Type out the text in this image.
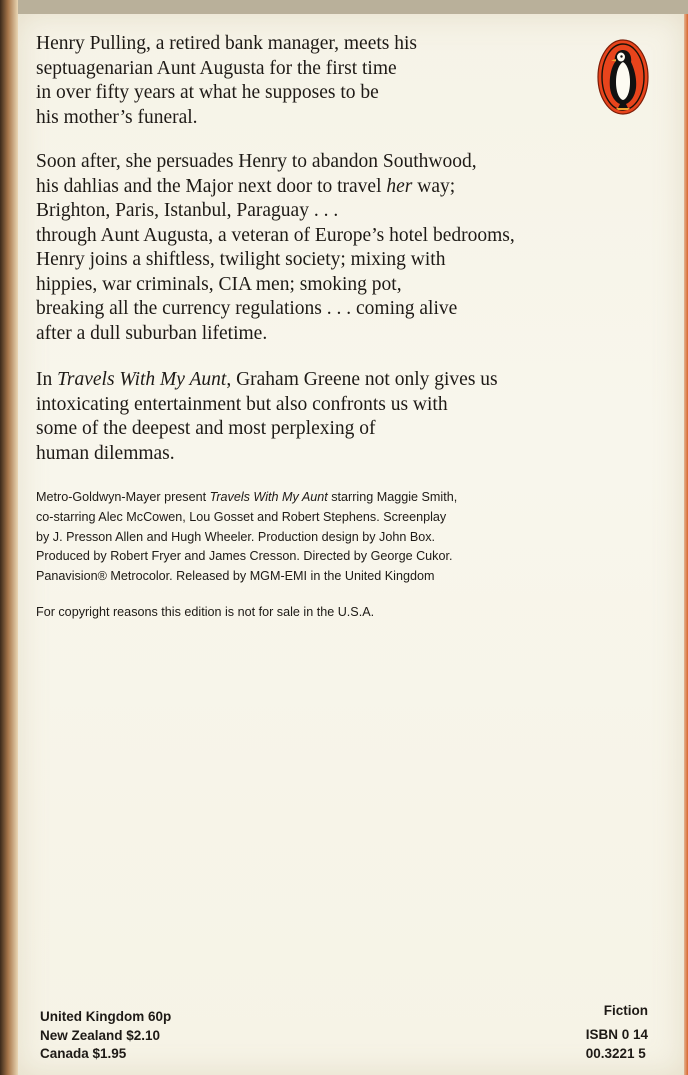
Henry Pulling, a retired bank manager, meets his
septuagenarian Aunt Augusta for the first time
in over fifty years at what he supposes to be
his mother’s funeral.
Soon after, she persuades Henry to abandon Southwood,
his dahlias and the Major next door to travel her way;
Brighton, Paris, Istanbul, Paraguay . . .
through Aunt Augusta, a veteran of Europe’s hotel bedrooms,
Henry joins a shiftless, twilight society; mixing with
hippies, war criminals, CIA men; smoking pot,
breaking all the currency regulations . . . coming alive
after a dull suburban lifetime.
In Travels With My Aunt, Graham Greene not only gives us
intoxicating entertainment but also confronts us with
some of the deepest and most perplexing of
human dilemmas.
Metro-Goldwyn-Mayer present Travels With My Aunt starring Maggie Smith,
co-starring Alec McCowen, Lou Gosset and Robert Stephens. Screenplay
by J. Presson Allen and Hugh Wheeler. Production design by John Box.
Produced by Robert Fryer and James Cresson. Directed by George Cukor.
Panavision® Metrocolor. Released by MGM-EMI in the United Kingdom
For copyright reasons this edition is not for sale in the U.S.A.
United Kingdom 60p
New Zealand $2.10
Canada $1.95
Fiction
ISBN 0 14
00.3221 5
